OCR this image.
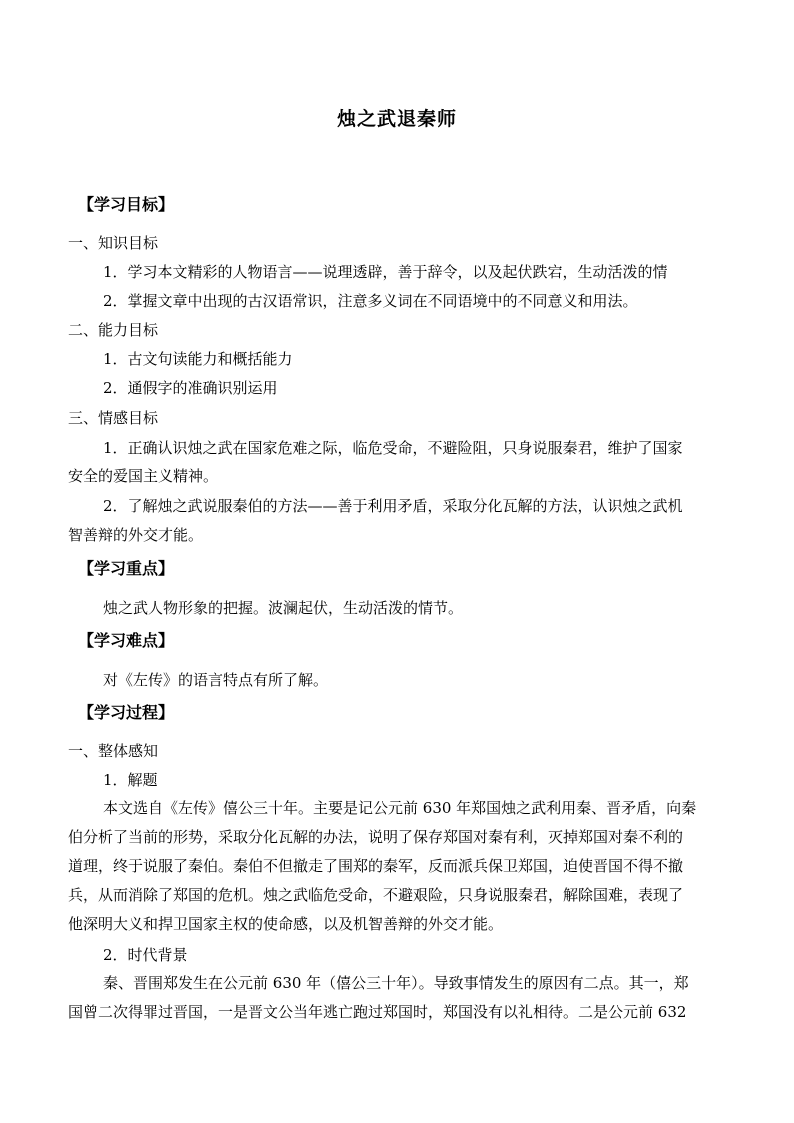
烛之武退秦师
【学习目标】
一、知识目标
1．学习本文精彩的人物语言——说理透辟，善于辞令，以及起伏跌宕，生动活泼的情
2．掌握文章中出现的古汉语常识，注意多义词在不同语境中的不同意义和用法。
二、能力目标
1．古文句读能力和概括能力
2．通假字的准确识别运用
三、情感目标
1．正确认识烛之武在国家危难之际，临危受命，不避险阻，只身说服秦君，维护了国家
安全的爱国主义精神。
2．了解烛之武说服秦伯的方法——善于利用矛盾，采取分化瓦解的方法，认识烛之武机
智善辩的外交才能。
【学习重点】
烛之武人物形象的把握。波澜起伏，生动活泼的情节。
【学习难点】
对《左传》的语言特点有所了解。
【学习过程】
一、整体感知
1．解题
本文选自《左传》僖公三十年。主要是记公元前 630 年郑国烛之武利用秦、晋矛盾，向秦
伯分析了当前的形势，采取分化瓦解的办法，说明了保存郑国对秦有利，灭掉郑国对秦不利的
道理，终于说服了秦伯。秦伯不但撤走了围郑的秦军，反而派兵保卫郑国，迫使晋国不得不撤
兵，从而消除了郑国的危机。烛之武临危受命，不避艰险，只身说服秦君，解除国难，表现了
他深明大义和捍卫国家主权的使命感，以及机智善辩的外交才能。
2．时代背景
秦、晋围郑发生在公元前 630 年（僖公三十年）。导致事情发生的原因有二点。其一，郑
国曾二次得罪过晋国，一是晋文公当年逃亡跑过郑国时，郑国没有以礼相待。二是公元前 632
